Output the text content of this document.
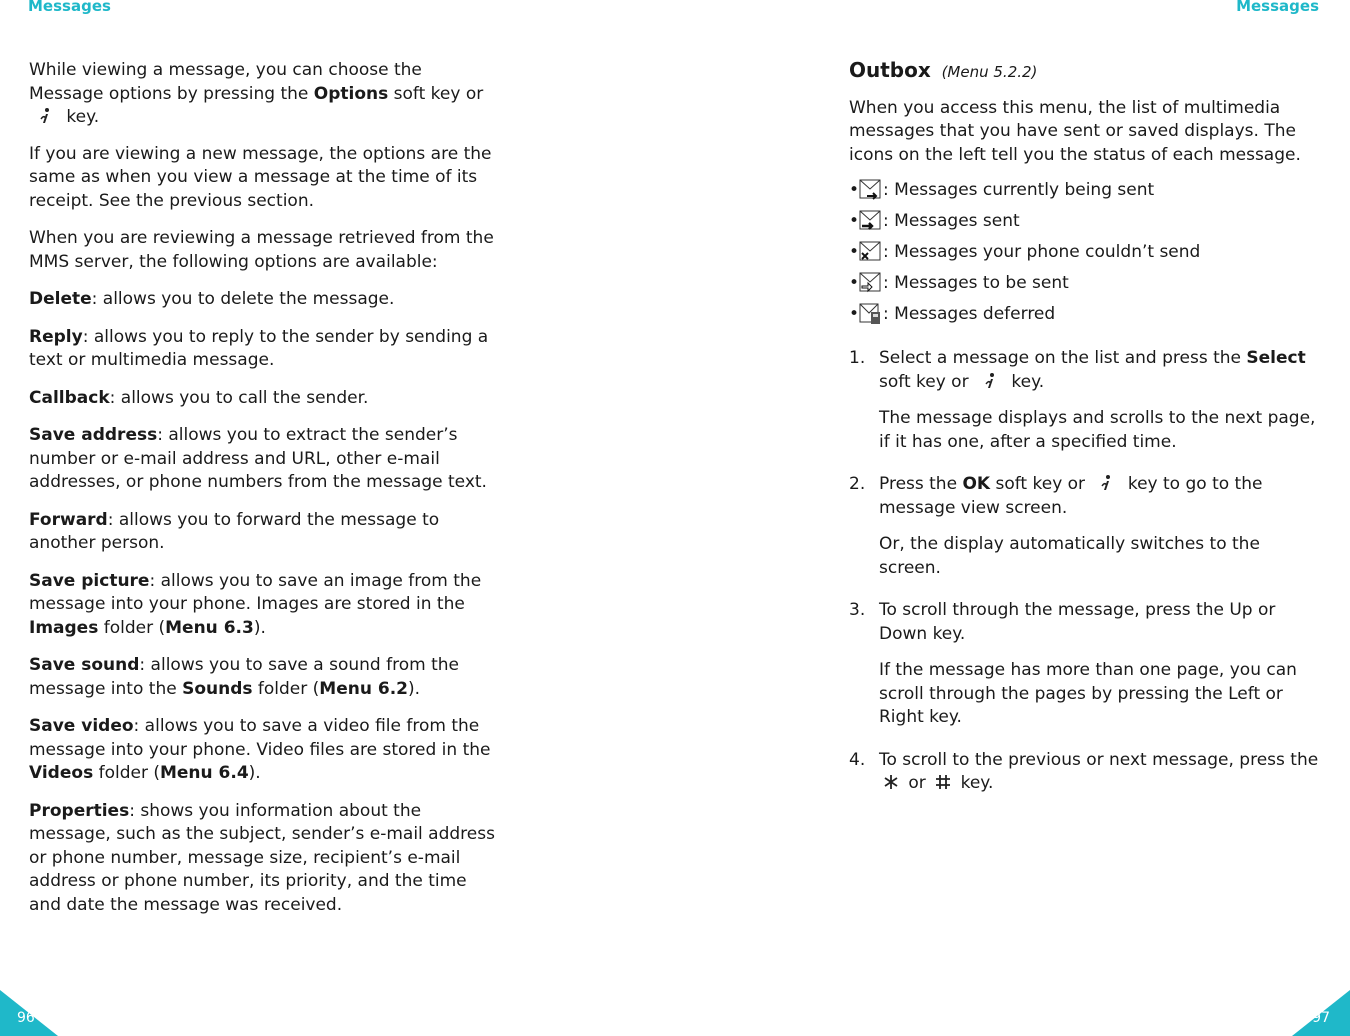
Messages

While viewing a message, you can choose the Message options by pressing the Options soft key or  key.

If you are viewing a new message, the options are the same as when you view a message at the time of its receipt. See the previous section.

When you are reviewing a message retrieved from the MMS server, the following options are available:

Delete: allows you to delete the message.

Reply: allows you to reply to the sender by sending a text or multimedia message.

Callback: allows you to call the sender.

Save address: allows you to extract the sender’s number or e-mail address and URL, other e-mail addresses, or phone numbers from the message text.

Forward: allows you to forward the message to another person.

Save picture: allows you to save an image from the message into your phone. Images are stored in the Images folder (Menu 6.3).

Save sound: allows you to save a sound from the message into the Sounds folder (Menu 6.2).

Save video: allows you to save a video file from the message into your phone. Video files are stored in the Videos folder (Menu 6.4).

Properties: shows you information about the message, such as the subject, sender’s e-mail address or phone number, message size, recipient’s e-mail address or phone number, its priority, and the time and date the message was received.

96
Messages

Outbox (Menu 5.2.2)

When you access this menu, the list of multimedia messages that you have sent or saved displays. The icons on the left tell you the status of each message.

• : Messages currently being sent
• : Messages sent
• : Messages your phone couldn’t send
• : Messages to be sent
• : Messages deferred
1. Select a message on the list and press the Select soft key or  key.

The message displays and scrolls to the next page, if it has one, after a specified time.

2. Press the OK soft key or  key to go to the message view screen.

Or, the display automatically switches to the screen.

3. To scroll through the message, press the Up or Down key.

If the message has more than one page, you can scroll through the pages by pressing the Left or Right key.

4. To scroll to the previous or next message, press the  or  key.
97
